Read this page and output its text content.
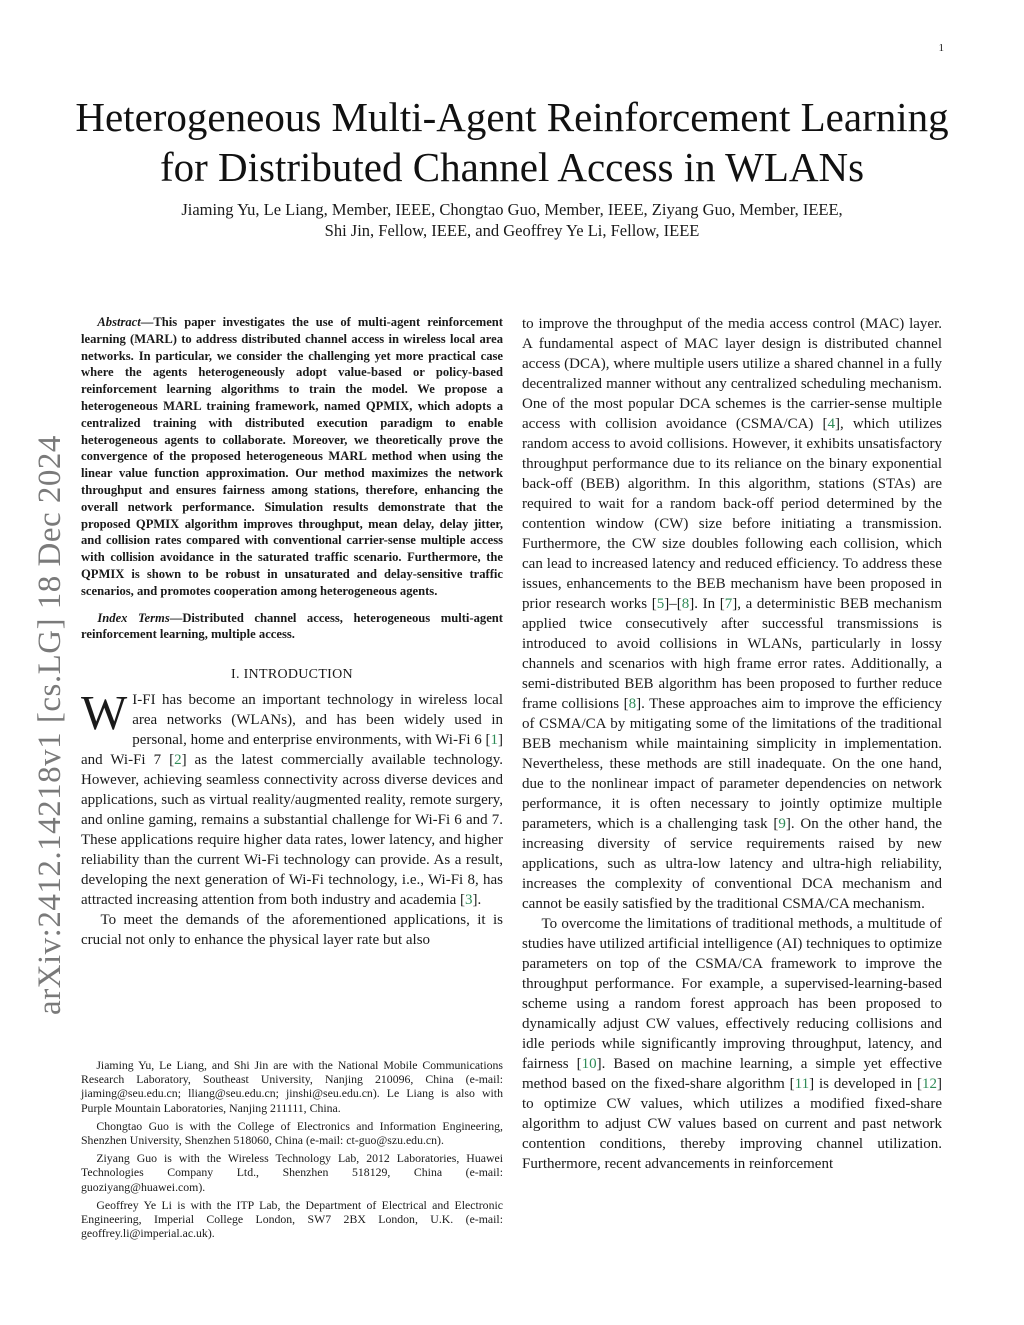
1
arXiv:2412.14218v1 [cs.LG] 18 Dec 2024
Heterogeneous Multi-Agent Reinforcement Learning
for Distributed Channel Access in WLANs
Jiaming Yu, Le Liang, Member, IEEE, Chongtao Guo, Member, IEEE, Ziyang Guo, Member, IEEE,
Shi Jin, Fellow, IEEE, and Geoffrey Ye Li, Fellow, IEEE

Abstract—This paper investigates the use of multi-agent reinforcement learning (MARL) to address distributed channel access in wireless local area networks. In particular, we consider the challenging yet more practical case where the agents heterogeneously adopt value-based or policy-based reinforcement learning algorithms to train the model. We propose a heterogeneous MARL training framework, named QPMIX, which adopts a centralized training with distributed execution paradigm to enable heterogeneous agents to collaborate. Moreover, we theoretically prove the convergence of the proposed heterogeneous MARL method when using the linear value function approximation. Our method maximizes the network throughput and ensures fairness among stations, therefore, enhancing the overall network performance. Simulation results demonstrate that the proposed QPMIX algorithm improves throughput, mean delay, delay jitter, and collision rates compared with conventional carrier-sense multiple access with collision avoidance in the saturated traffic scenario. Furthermore, the QPMIX is shown to be robust in unsaturated and delay-sensitive traffic scenarios, and promotes cooperation among heterogeneous agents.

Index Terms—Distributed channel access, heterogeneous multi-agent reinforcement learning, multiple access.

I. INTRODUCTION

WI-FI has become an important technology in wireless local area networks (WLANs), and has been widely used in personal, home and enterprise environments, with Wi-Fi 6 [1] and Wi-Fi 7 [2] as the latest commercially available technology. However, achieving seamless connectivity across diverse devices and applications, such as virtual reality/augmented reality, remote surgery, and online gaming, remains a substantial challenge for Wi-Fi 6 and 7. These applications require higher data rates, lower latency, and higher reliability than the current Wi-Fi technology can provide. As a result, developing the next generation of Wi-Fi technology, i.e., Wi-Fi 8, has attracted increasing attention from both industry and academia [3].

To meet the demands of the aforementioned applications, it is crucial not only to enhance the physical layer rate but also

Jiaming Yu, Le Liang, and Shi Jin are with the National Mobile Communications Research Laboratory, Southeast University, Nanjing 210096, China (e-mail: jiaming@seu.edu.cn; lliang@seu.edu.cn; jinshi@seu.edu.cn). Le Liang is also with Purple Mountain Laboratories, Nanjing 211111, China.

Chongtao Guo is with the College of Electronics and Information Engineering, Shenzhen University, Shenzhen 518060, China (e-mail: ct-guo@szu.edu.cn).

Ziyang Guo is with the Wireless Technology Lab, 2012 Laboratories, Huawei Technologies Company Ltd., Shenzhen 518129, China (e-mail: guoziyang@huawei.com).

Geoffrey Ye Li is with the ITP Lab, the Department of Electrical and Electronic Engineering, Imperial College London, SW7 2BX London, U.K. (e-mail: geoffrey.li@imperial.ac.uk).

to improve the throughput of the media access control (MAC) layer. A fundamental aspect of MAC layer design is distributed channel access (DCA), where multiple users utilize a shared channel in a fully decentralized manner without any centralized scheduling mechanism. One of the most popular DCA schemes is the carrier-sense multiple access with collision avoidance (CSMA/CA) [4], which utilizes random access to avoid collisions. However, it exhibits unsatisfactory throughput performance due to its reliance on the binary exponential back-off (BEB) algorithm. In this algorithm, stations (STAs) are required to wait for a random back-off period determined by the contention window (CW) size before initiating a transmission. Furthermore, the CW size doubles following each collision, which can lead to increased latency and reduced efficiency. To address these issues, enhancements to the BEB mechanism have been proposed in prior research works [5]–[8]. In [7], a deterministic BEB mechanism applied twice consecutively after successful transmissions is introduced to avoid collisions in WLANs, particularly in lossy channels and scenarios with high frame error rates. Additionally, a semi-distributed BEB algorithm has been proposed to further reduce frame collisions [8]. These approaches aim to improve the efficiency of CSMA/CA by mitigating some of the limitations of the traditional BEB mechanism while maintaining simplicity in implementation. Nevertheless, these methods are still inadequate. On the one hand, due to the nonlinear impact of parameter dependencies on network performance, it is often necessary to jointly optimize multiple parameters, which is a challenging task [9]. On the other hand, the increasing diversity of service requirements raised by new applications, such as ultra-low latency and ultra-high reliability, increases the complexity of conventional DCA mechanism and cannot be easily satisfied by the traditional CSMA/CA mechanism.

To overcome the limitations of traditional methods, a multitude of studies have utilized artificial intelligence (AI) techniques to optimize parameters on top of the CSMA/CA framework to improve the throughput performance. For example, a supervised-learning-based scheme using a random forest approach has been proposed to dynamically adjust CW values, effectively reducing collisions and idle periods while significantly improving throughput, latency, and fairness [10]. Based on machine learning, a simple yet effective method based on the fixed-share algorithm [11] is developed in [12] to optimize CW values, which utilizes a modified fixed-share algorithm to adjust CW values based on current and past network contention conditions, thereby improving channel utilization. Furthermore, recent advancements in reinforcement
